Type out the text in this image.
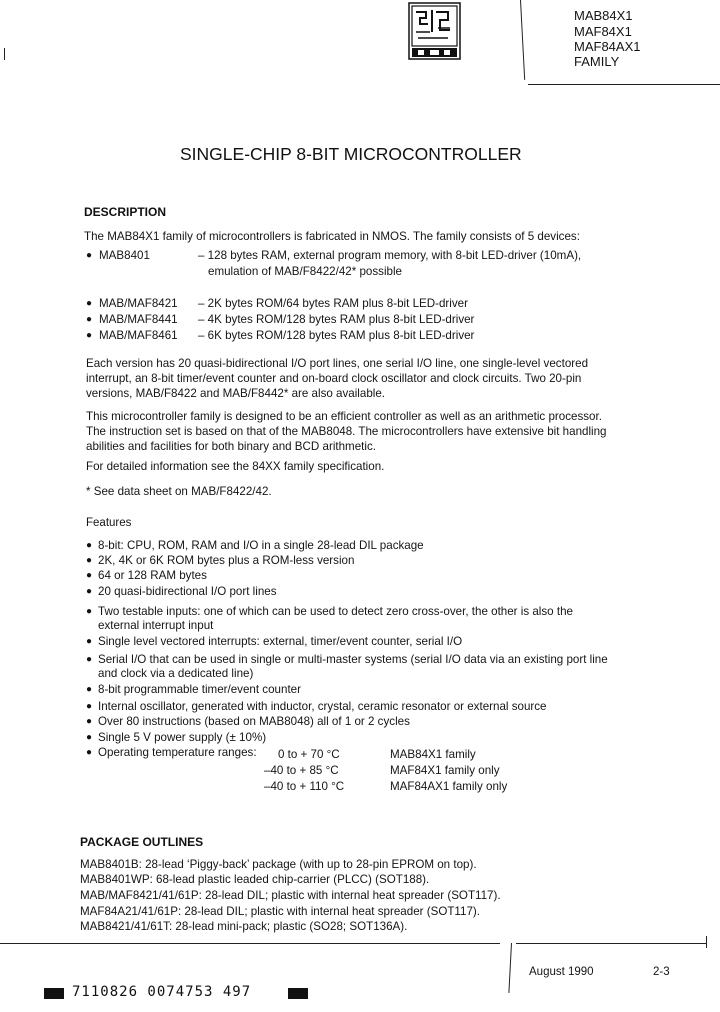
MAB84X1
MAF84X1
MAF84AX1
FAMILY
SINGLE-CHIP 8-BIT MICROCONTROLLER
DESCRIPTION
The MAB84X1 family of microcontrollers is fabricated in NMOS. The family consists of 5 devices:
● MAB8401	– 128 bytes RAM, external program memory, with 8-bit LED-driver (10mA),
emulation of MAB/F8422/42* possible
● MAB/MAF8421 – 2K bytes ROM/64 bytes RAM plus 8-bit LED-driver
● MAB/MAF8441 – 4K bytes ROM/128 bytes RAM plus 8-bit LED-driver
● MAB/MAF8461 – 6K bytes ROM/128 bytes RAM plus 8-bit LED-driver
Each version has 20 quasi-bidirectional I/O port lines, one serial I/O line, one single-level vectored
interrupt, an 8-bit timer/event counter and on-board clock oscillator and clock circuits. Two 20-pin
versions, MAB/F8422 and MAB/F8442* are also available.
This microcontroller family is designed to be an efficient controller as well as an arithmetic processor.
The instruction set is based on that of the MAB8048. The microcontrollers have extensive bit handling
abilities and facilities for both binary and BCD arithmetic.
For detailed information see the 84XX family specification.
* See data sheet on MAB/F8422/42.
Features
● 8-bit: CPU, ROM, RAM and I/O in a single 28-lead DIL package
● 2K, 4K or 6K ROM bytes plus a ROM-less version
● 64 or 128 RAM bytes
● 20 quasi-bidirectional I/O port lines
● Two testable inputs: one of which can be used to detect zero cross-over, the other is also the
external interrupt input
● Single level vectored interrupts: external, timer/event counter, serial I/O
● Serial I/O that can be used in single or multi-master systems (serial I/O data via an existing port line
and clock via a dedicated line)
● 8-bit programmable timer/event counter
● Internal oscillator, generated with inductor, crystal, ceramic resonator or external source
● Over 80 instructions (based on MAB8048) all of 1 or 2 cycles
● Single 5 V power supply (± 10%)
● Operating temperature ranges: 0 to + 70 °C	MAB84X1 family
–40 to + 85 °C	MAF84X1 family only
–40 to + 110 °C	MAF84AX1 family only
PACKAGE OUTLINES
MAB8401B: 28-lead ‘Piggy-back’ package (with up to 28-pin EPROM on top).
MAB8401WP: 68-lead plastic leaded chip-carrier (PLCC) (SOT188).
MAB/MAF8421/41/61P: 28-lead DIL; plastic with internal heat spreader (SOT117).
MAF84A21/41/61P: 28-lead DIL; plastic with internal heat spreader (SOT117).
MAB8421/41/61T: 28-lead mini-pack; plastic (SO28; SOT136A).
August 1990	2-3
7110826 0074753 497
